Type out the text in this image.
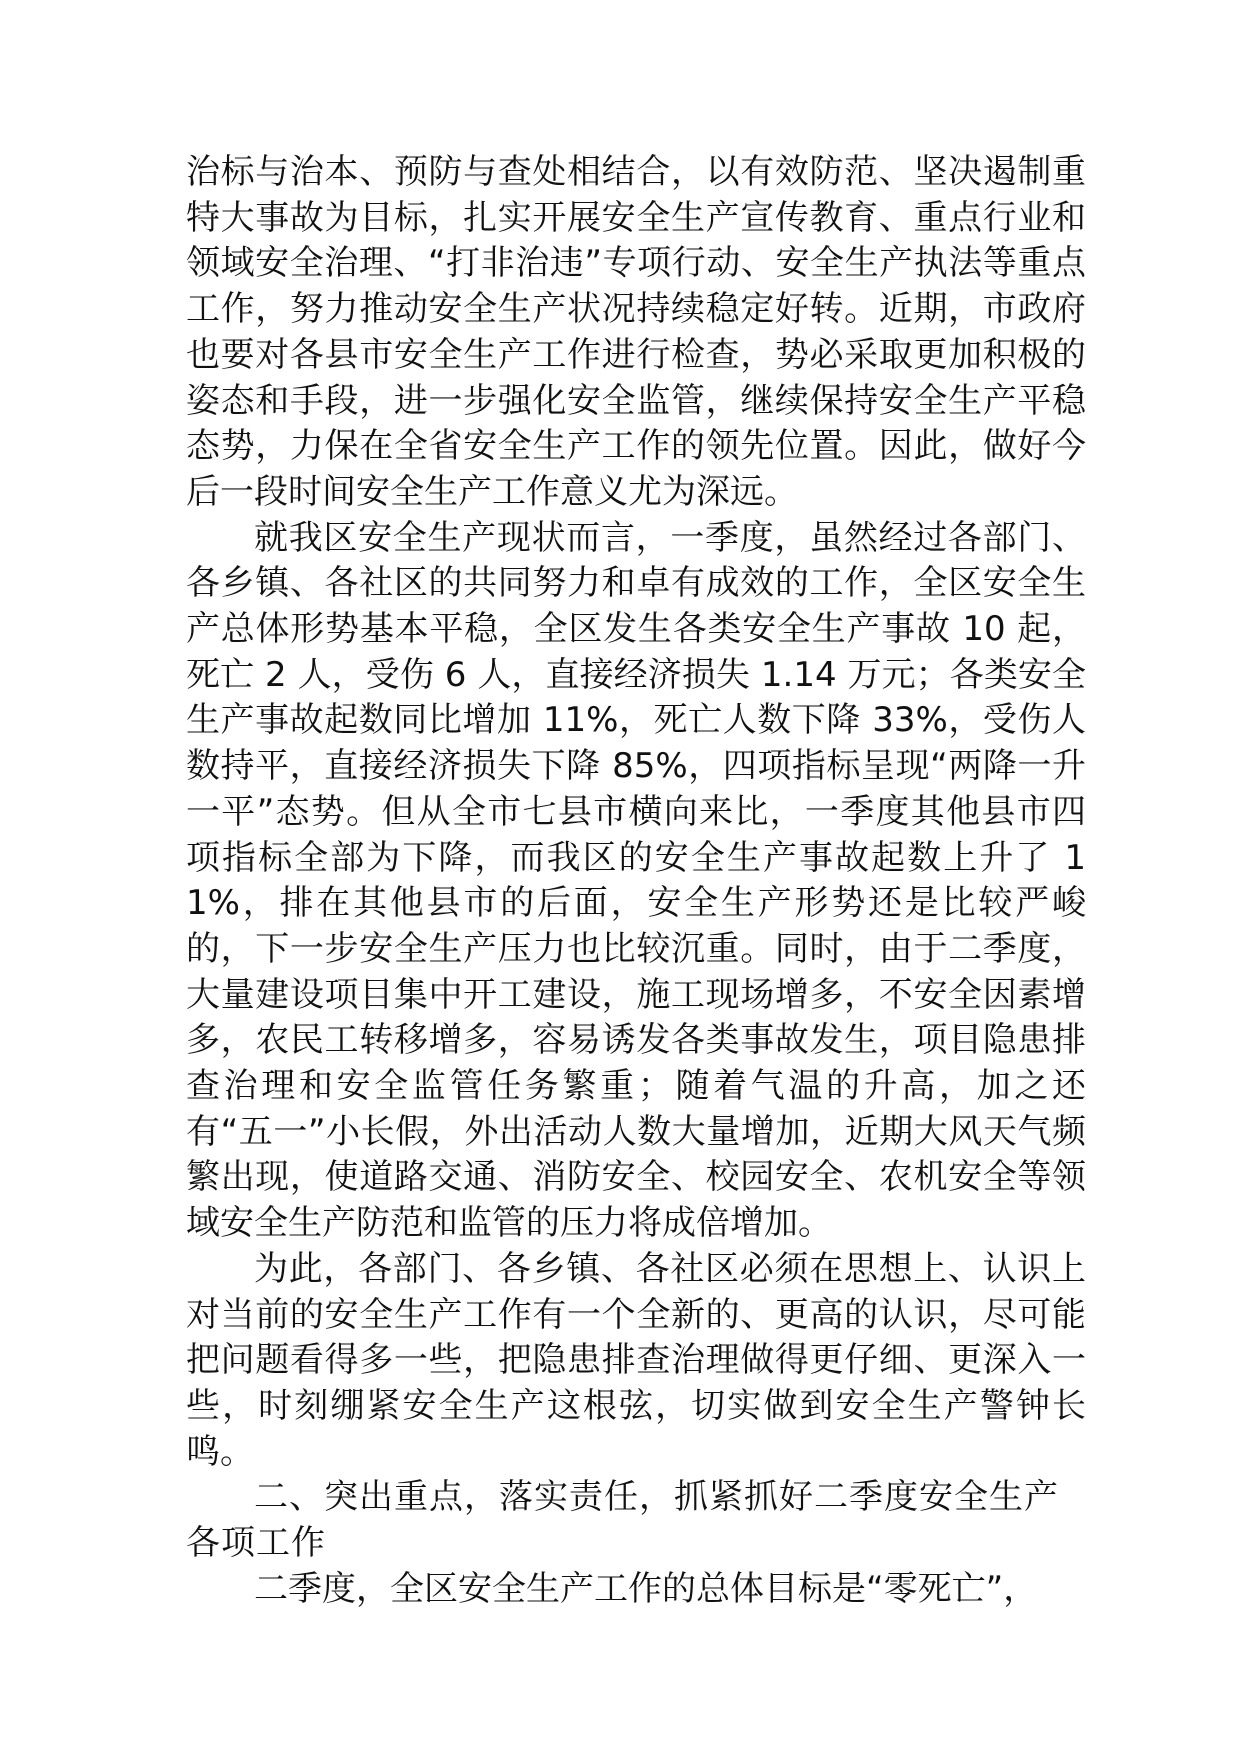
治标与治本、预防与查处相结合，以有效防范、坚决遏制重特大事故为目标，扎实开展安全生产宣传教育、重点行业和领域安全治理、“打非治违”专项行动、安全生产执法等重点工作，努力推动安全生产状况持续稳定好转。近期，市政府也要对各县市安全生产工作进行检查，势必采取更加积极的姿态和手段，进一步强化安全监管，继续保持安全生产平稳态势，力保在全省安全生产工作的领先位置。因此，做好今后一段时间安全生产工作意义尤为深远。

就我区安全生产现状而言，一季度，虽然经过各部门、各乡镇、各社区的共同努力和卓有成效的工作，全区安全生产总体形势基本平稳，全区发生各类安全生产事故 10 起，死亡 2 人，受伤 6 人，直接经济损失 1.14 万元；各类安全生产事故起数同比增加 11%，死亡人数下降 33%，受伤人数持平，直接经济损失下降 85%，四项指标呈现“两降一升一平”态势。但从全市七县市横向来比，一季度其他县市四项指标全部为下降，而我区的安全生产事故起数上升了 11%，排在其他县市的后面，安全生产形势还是比较严峻的，下一步安全生产压力也比较沉重。同时，由于二季度，大量建设项目集中开工建设，施工现场增多，不安全因素增多，农民工转移增多，容易诱发各类事故发生，项目隐患排查治理和安全监管任务繁重；随着气温的升高，加之还有“五一”小长假，外出活动人数大量增加，近期大风天气频繁出现，使道路交通、消防安全、校园安全、农机安全等领域安全生产防范和监管的压力将成倍增加。

为此，各部门、各乡镇、各社区必须在思想上、认识上对当前的安全生产工作有一个全新的、更高的认识，尽可能把问题看得多一些，把隐患排查治理做得更仔细、更深入一些，时刻绷紧安全生产这根弦，切实做到安全生产警钟长鸣。

二、突出重点，落实责任，抓紧抓好二季度安全生产各项工作

二季度，全区安全生产工作的总体目标是“零死亡”，
